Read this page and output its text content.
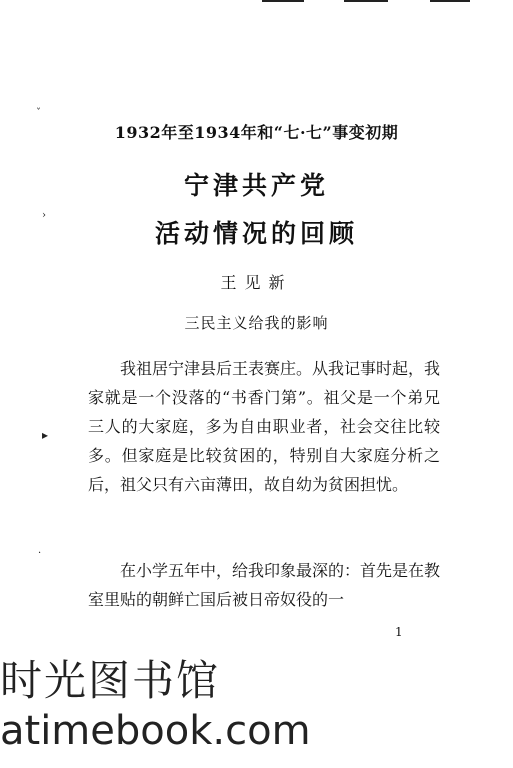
ˇ
›
▸
·
1932年至1934年和“七·七”事变初期
宁津共产党
活动情况的回顾
王见新
三民主义给我的影响

我祖居宁津县后王表赛庄。从我记事时起，我家就是一个没落的“书香门第”。祖父是一个弟兄三人的大家庭，多为自由职业者，社会交往比较多。但家庭是比较贫困的，特别自大家庭分析之后，祖父只有六亩薄田，故自幼为贫困担忧。

在小学五年中，给我印象最深的：首先是在教室里贴的朝鲜亡国后被日帝奴役的一

1
时光图书馆
atimebook.com
